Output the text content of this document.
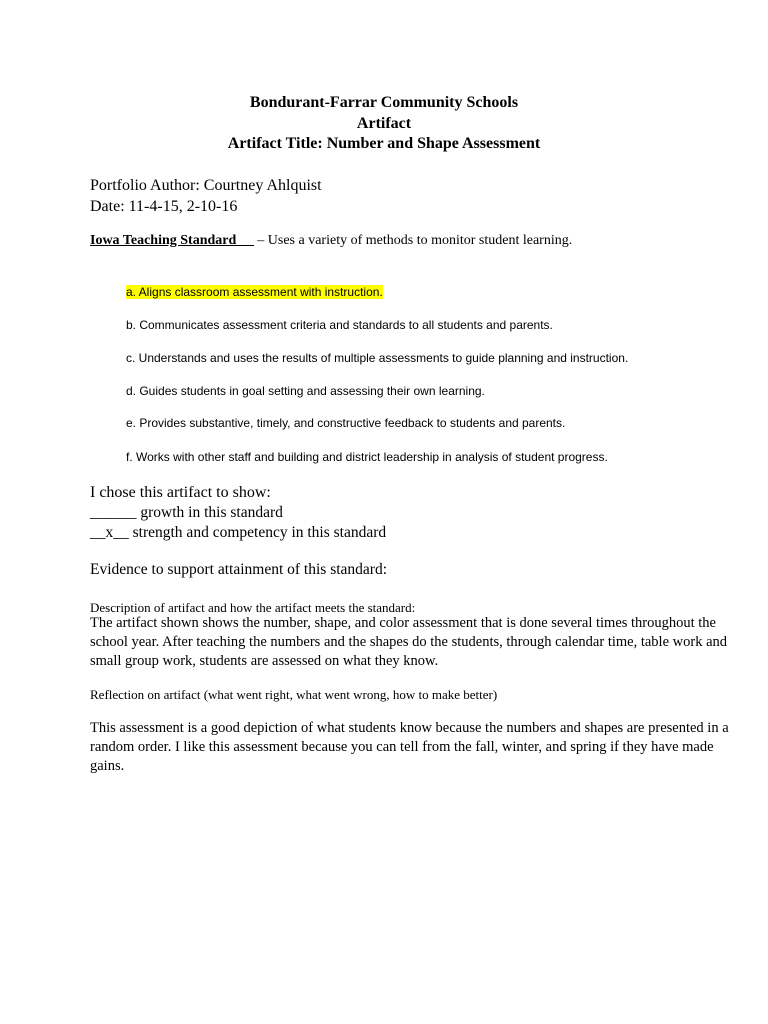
Bondurant-Farrar Community Schools
Artifact
Artifact Title: Number and Shape Assessment
Portfolio Author: Courtney Ahlquist
Date: 11-4-15, 2-10-16
Iowa Teaching Standard __ – Uses a variety of methods to monitor student learning.
a. Aligns classroom assessment with instruction.
b. Communicates assessment criteria and standards to all students and parents.
c. Understands and uses the results of multiple assessments to guide planning and instruction.
d. Guides students in goal setting and assessing their own learning.
e. Provides substantive, timely, and constructive feedback to students and parents.
f. Works with other staff and building and district leadership in analysis of student progress.
I chose this artifact to show:
______ growth in this standard
__x__ strength and competency in this standard
Evidence to support attainment of this standard:
Description of artifact and how the artifact meets the standard:
The artifact shown shows the number, shape, and color assessment that is done several times throughout the school year. After teaching the numbers and the shapes do the students, through calendar time, table work and small group work, students are assessed on what they know.
Reflection on artifact (what went right, what went wrong, how to make better)
This assessment is a good depiction of what students know because the numbers and shapes are presented in a random order. I like this assessment because you can tell from the fall, winter, and spring if they have made gains.
